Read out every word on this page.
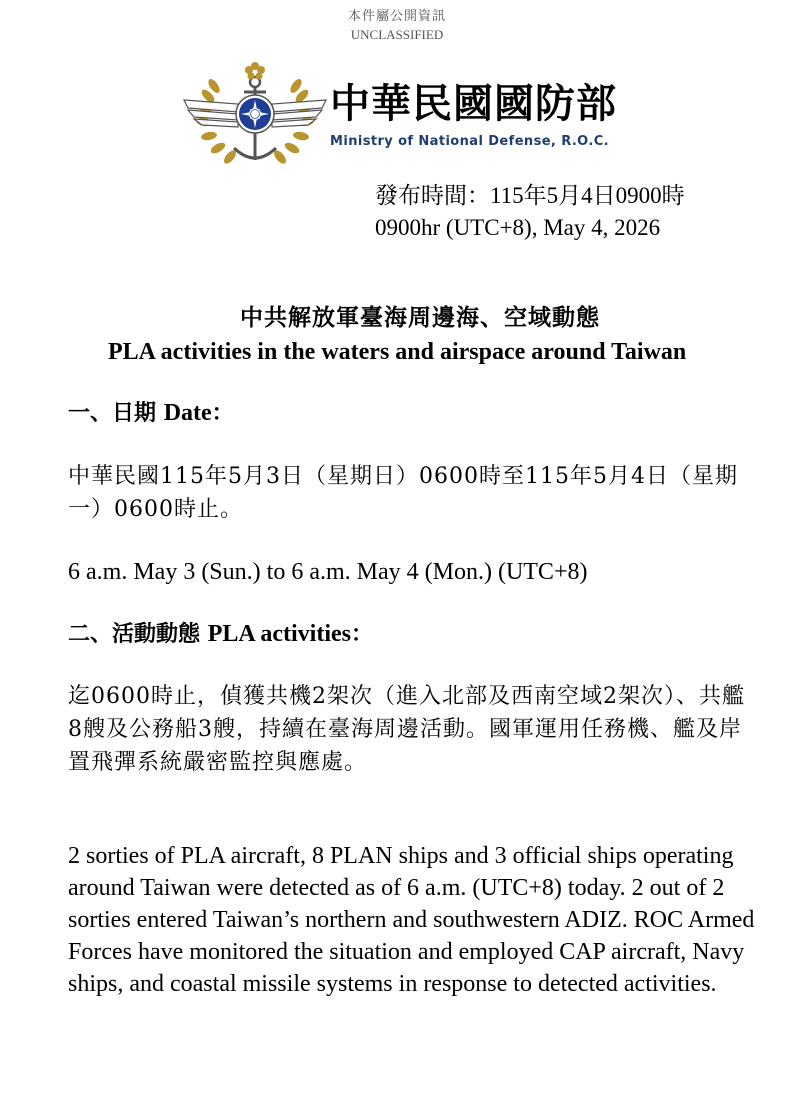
本件屬公開資訊
UNCLASSIFIED
中華民國國防部
Ministry of National Defense, R.O.C.
發布時間：115年5月4日0900時
0900hr (UTC+8), May 4, 2026
中共解放軍臺海周邊海、空域動態
PLA activities in the waters and airspace around Taiwan
一、日期 Date：
中華民國115年5月3日（星期日）0600時至115年5月4日（星期一）0600時止。
6 a.m. May 3 (Sun.) to 6 a.m. May 4 (Mon.) (UTC+8)
二、活動動態 PLA activities：
迄0600時止，偵獲共機2架次（進入北部及西南空域2架次）、共艦8艘及公務船3艘，持續在臺海周邊活動。國軍運用任務機、艦及岸置飛彈系統嚴密監控與應處。
2 sorties of PLA aircraft, 8 PLAN ships and 3 official ships operating around Taiwan were detected as of 6 a.m. (UTC+8) today. 2 out of 2 sorties entered Taiwan’s northern and southwestern ADIZ. ROC Armed Forces have monitored the situation and employed CAP aircraft, Navy ships, and coastal missile systems in response to detected activities.
